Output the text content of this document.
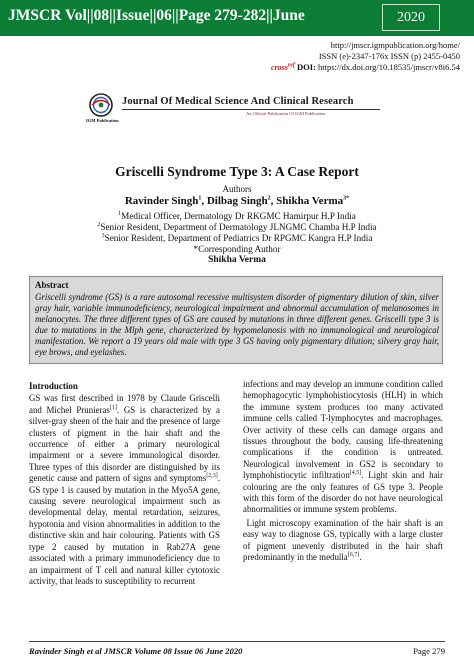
JMSCR Vol||08||Issue||06||Page 279-282||June	2020
http://jmscr.igmpublication.org/home/
ISSN (e)-2347-176x ISSN (p) 2455-0450
cross$^{ref}$ DOI: https://dx.doi.org/10.18535/jmscr/v8i6.54
IGM Publication
Journal Of Medical Science And Clinical Research
An Official Publication Of IGM Publication
Griscelli Syndrome Type 3: A Case Report
Authors
Ravinder Singh$^1$, Dilbag Singh$^2$, Shikha Verma$^{3*}$
$^1$Medical Officer, Dermatology Dr RKGMC Hamirpur H.P India
$^2$Senior Resident, Department of Dermatology JLNGMC Chamba H.P India
$^3$Senior Resident, Department of Pediatrics Dr RPGMC Kangra H.P India
*Corresponding Author
Shikha Verma
Abstract
Griscelli syndrome (GS) is a rare autosomal recessive multisystem disorder of pigmentary dilution of skin, silver gray hair, variable immunodeficiency, neurological impairment and abnormal accumulation of melanosomes in melanocytes. The three different types of GS are caused by mutations in three different genes. Griscelli type 3 is due to mutations in the Mlph gene, characterized by hypomelanosis with no immunological and neurological manifestation. We report a 19 years old male with type 3 GS having only pigmentary dilution; silvery gray hair, eye brows, and eyelashes.
Introduction

GS was first described in 1978 by Claude Griscelli and Michel Prunieras[1]. GS is characterized by a silver-gray sheen of the hair and the presence of large clusters of pigment in the hair shaft and the occurrence of either a primary neurological impairment or a severe immunological disorder. Three types of this disorder are distinguished by its genetic cause and pattern of signs and symptoms[2,3]. GS type 1 is caused by mutation in the Myo5A gene, causing severe neurological impairment such as developmental delay, mental retardation, seizures, hypotonia and vision abnormalities in addition to the distinctive skin and hair colouring. Patients with GS type 2 caused by mutation in Rab27A gene associated with a primary immunodeficiency due to an impairment of T cell and natural killer cytotoxic activity, that leads to susceptibility to recurrent

infections and may develop an immune condition called hemophagocytic lymphohistiocytosis (HLH) in which the immune system produces too many activated immune cells called T-lymphocytes and macrophages. Over activity of these cells can damage organs and tissues throughout the body, causing life-threatening complications if the condition is untreated. Neurological involvement in GS2 is secondary to lymphohistiocytic infiltration[4,5]. Light skin and hair colouring are the only features of GS type 3. People with this form of the disorder do not have neurological abnormalities or immune system problems.

Light microscopy examination of the hair shaft is an easy way to diagnose GS, typically with a large cluster of pigment unevenly distributed in the hair shaft predominantly in the medulla[6,7].

Ravinder Singh et al JMSCR Volume 08 Issue 06 June 2020	Page 279
